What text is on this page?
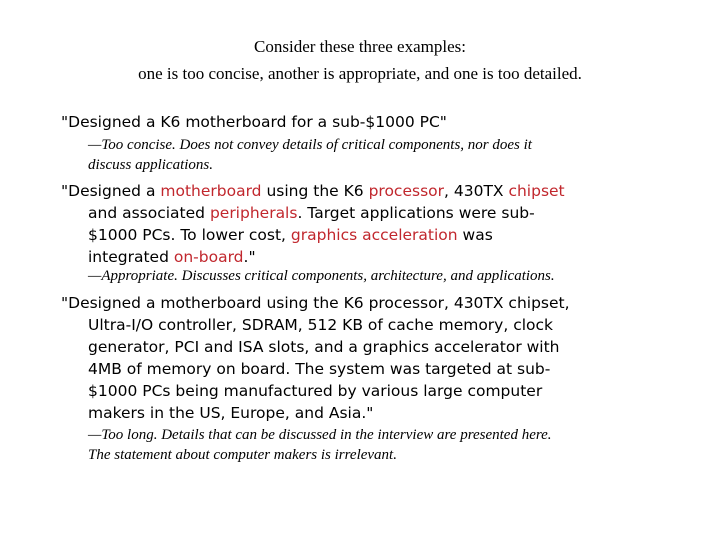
Consider these three examples:
one is too concise, another is appropriate, and one is too detailed.
"Designed a K6 motherboard for a sub-$1000 PC"
—Too concise. Does not convey details of critical components, nor does it
discuss applications.
"Designed a motherboard using the K6 processor, 430TX chipset
and associated peripherals. Target applications were sub-
$1000 PCs. To lower cost, graphics acceleration was
integrated on-board."
—Appropriate. Discusses critical components, architecture, and applications.
"Designed a motherboard using the K6 processor, 430TX chipset,
Ultra-I/O controller, SDRAM, 512 KB of cache memory, clock
generator, PCI and ISA slots, and a graphics accelerator with
4MB of memory on board. The system was targeted at sub-
$1000 PCs being manufactured by various large computer
makers in the US, Europe, and Asia."
—Too long. Details that can be discussed in the interview are presented here.
The statement about computer makers is irrelevant.
